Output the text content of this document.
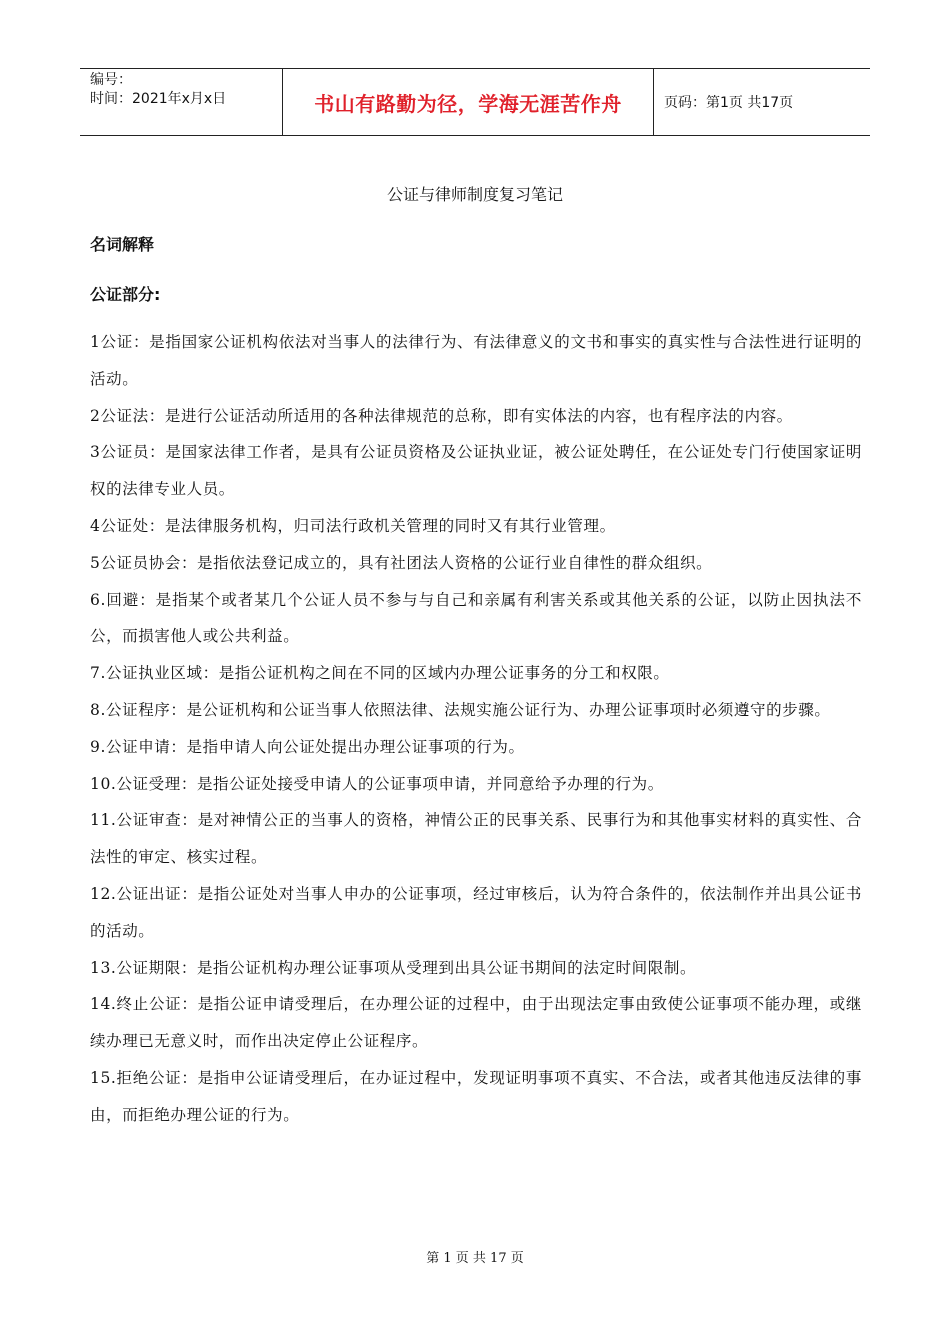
编号：
时间：2021年x月x日	书山有路勤为径，学海无涯苦作舟	页码：第1页 共17页
公证与律师制度复习笔记
名词解释
公证部分:

1公证：是指国家公证机构依法对当事人的法律行为、有法律意义的文书和事实的真实性与合法性进行证明的活动。

2公证法：是进行公证活动所适用的各种法律规范的总称，即有实体法的内容，也有程序法的内容。

3公证员：是国家法律工作者，是具有公证员资格及公证执业证，被公证处聘任，在公证处专门行使国家证明权的法律专业人员。

4公证处：是法律服务机构，归司法行政机关管理的同时又有其行业管理。

5公证员协会：是指依法登记成立的，具有社团法人资格的公证行业自律性的群众组织。

6.回避：是指某个或者某几个公证人员不参与与自己和亲属有利害关系或其他关系的公证，以防止因执法不公，而损害他人或公共利益。

7.公证执业区域：是指公证机构之间在不同的区域内办理公证事务的分工和权限。

8.公证程序：是公证机构和公证当事人依照法律、法规实施公证行为、办理公证事项时必须遵守的步骤。

9.公证申请：是指申请人向公证处提出办理公证事项的行为。

10.公证受理：是指公证处接受申请人的公证事项申请，并同意给予办理的行为。

11.公证审查：是对神情公正的当事人的资格，神情公正的民事关系、民事行为和其他事实材料的真实性、合法性的审定、核实过程。

12.公证出证：是指公证处对当事人申办的公证事项，经过审核后，认为符合条件的，依法制作并出具公证书的活动。

13.公证期限：是指公证机构办理公证事项从受理到出具公证书期间的法定时间限制。

14.终止公证：是指公证申请受理后，在办理公证的过程中，由于出现法定事由致使公证事项不能办理，或继续办理已无意义时，而作出决定停止公证程序。

15.拒绝公证：是指申公证请受理后，在办证过程中，发现证明事项不真实、不合法，或者其他违反法律的事由，而拒绝办理公证的行为。

第 1 页 共 17 页
